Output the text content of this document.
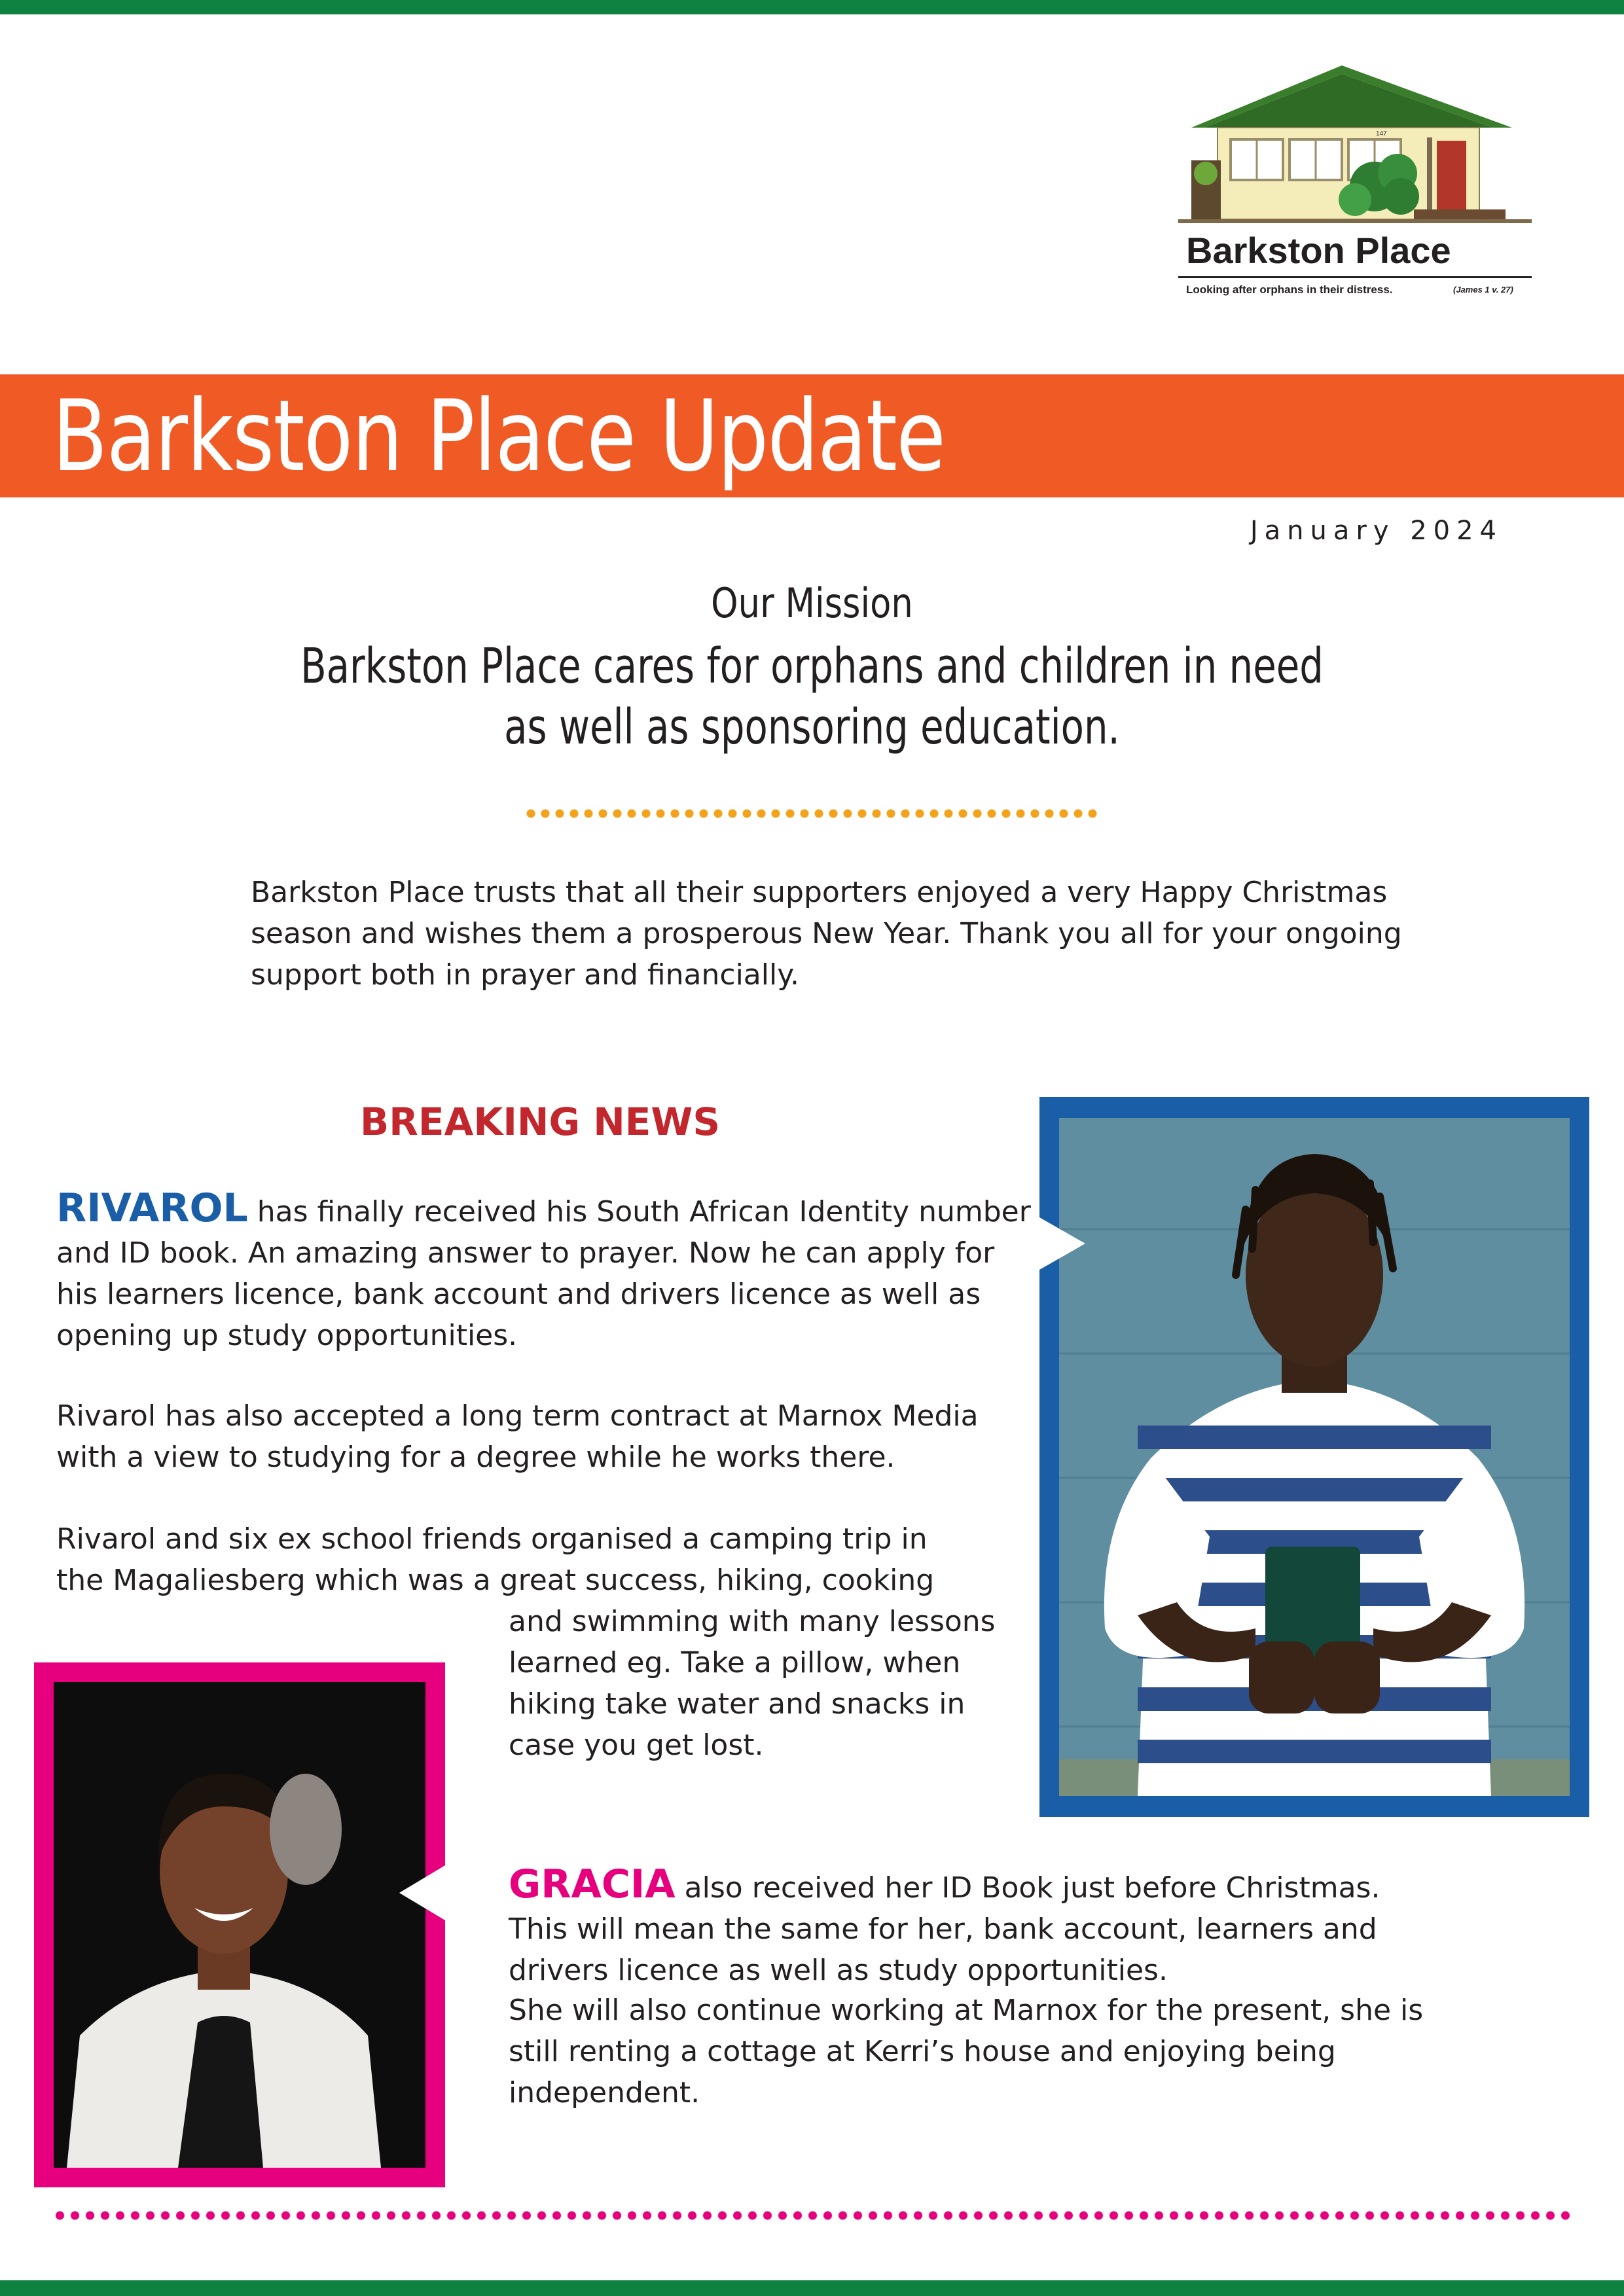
147
Barkston Place
Looking after orphans in their distress.	(James 1 v. 27)
Barkston Place Update
January 2024
Our Mission
Barkston Place cares for orphans and children in need
as well as sponsoring education.
Barkston Place trusts that all their supporters enjoyed a very Happy Christmas season and wishes them a prosperous New Year. Thank you all for your ongoing support both in prayer and financially.
BREAKING NEWS
RIVAROL has finally received his South African Identity number and ID book. An amazing answer to prayer. Now he can apply for his learners licence, bank account and drivers licence as well as opening up study opportunities.
Rivarol has also accepted a long term contract at Marnox Media with a view to studying for a degree while he works there.
Rivarol and six ex school friends organised a camping trip in the Magaliesberg which was a great success, hiking, cooking
and swimming with many lessons learned eg. Take a pillow, when hiking take water and snacks in case you get lost.
GRACIA also received her ID Book just before Christmas. This will mean the same for her, bank account, learners and drivers licence as well as study opportunities.
She will also continue working at Marnox for the present, she is still renting a cottage at Kerri’s house and enjoying being independent.
